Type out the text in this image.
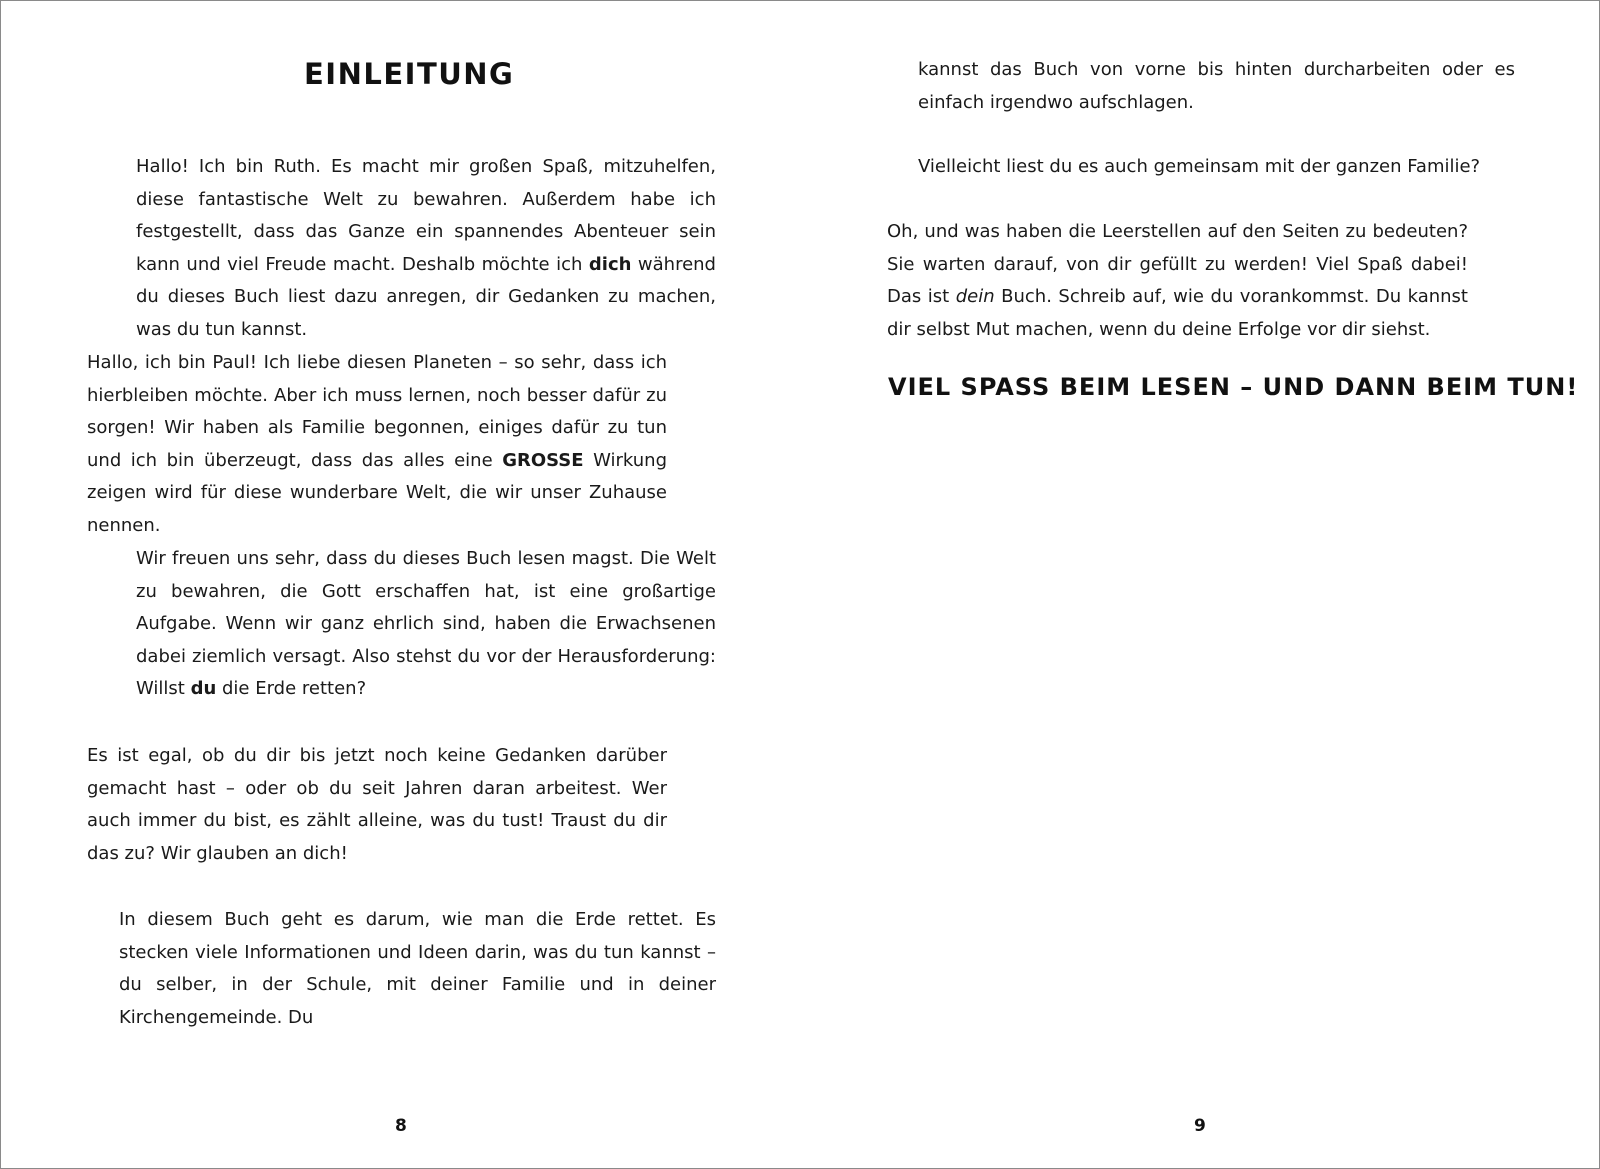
EINLEITUNG

Hallo! Ich bin Ruth. Es macht mir großen Spaß, mitzuhelfen, diese fantastische Welt zu bewahren. Außerdem habe ich festgestellt, dass das Ganze ein spannendes Abenteuer sein kann und viel Freude macht. Deshalb möchte ich dich während du dieses Buch liest dazu anregen, dir Gedanken zu machen, was du tun kannst.

Hallo, ich bin Paul! Ich liebe diesen Planeten – so sehr, dass ich hierbleiben möchte. Aber ich muss lernen, noch besser dafür zu sorgen! Wir haben als Familie begonnen, einiges dafür zu tun und ich bin überzeugt, dass das alles eine GROSSE Wirkung zeigen wird für diese wunderbare Welt, die wir unser Zuhause nennen.

Wir freuen uns sehr, dass du dieses Buch lesen magst. Die Welt zu bewahren, die Gott erschaffen hat, ist eine großartige Aufgabe. Wenn wir ganz ehrlich sind, haben die Erwachsenen dabei ziemlich versagt. Also stehst du vor der Herausforderung: Willst du die Erde retten?

Es ist egal, ob du dir bis jetzt noch keine Gedanken darüber gemacht hast – oder ob du seit Jahren daran arbeitest. Wer auch immer du bist, es zählt alleine, was du tust! Traust du dir das zu? Wir glauben an dich!

In diesem Buch geht es darum, wie man die Erde rettet. Es stecken viele Informationen und Ideen darin, was du tun kannst – du selber, in der Schule, mit deiner Familie und in deiner Kirchengemeinde. Du

8

kannst das Buch von vorne bis hinten durcharbeiten oder es einfach irgendwo aufschlagen.

Vielleicht liest du es auch gemeinsam mit der ganzen Familie?

Oh, und was haben die Leerstellen auf den Seiten zu bedeuten? Sie warten darauf, von dir gefüllt zu werden! Viel Spaß dabei! Das ist dein Buch. Schreib auf, wie du vorankommst. Du kannst dir selbst Mut machen, wenn du deine Erfolge vor dir siehst.

VIEL SPASS BEIM LESEN – UND DANN BEIM TUN!
9
